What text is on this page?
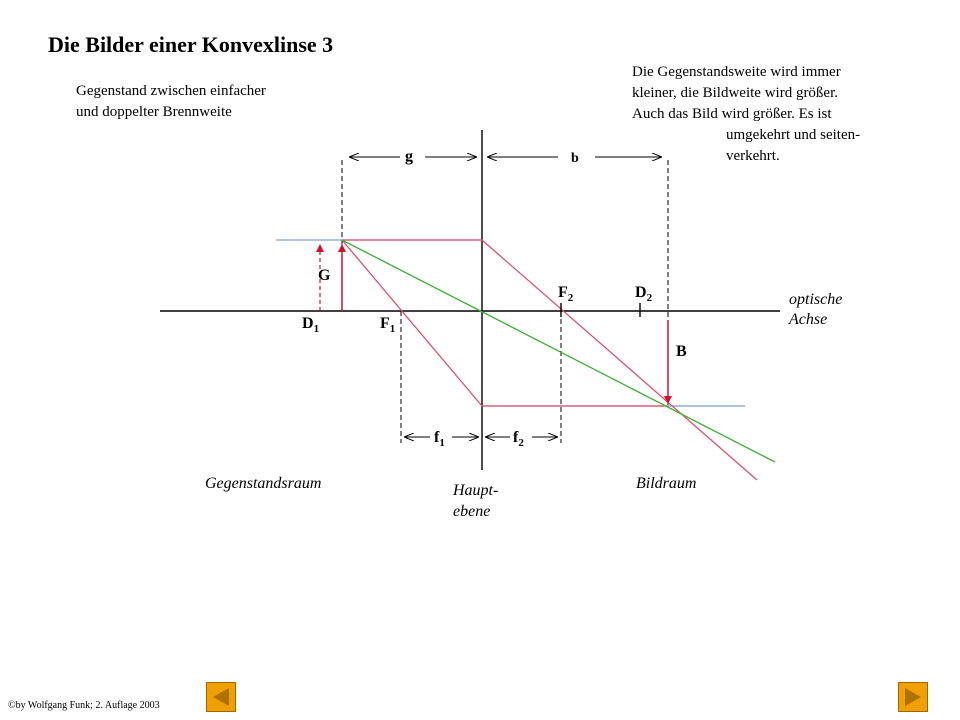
Die Bilder einer Konvexlinse 3
Gegenstand zwischen einfacher
und doppelter Brennweite
Die Gegenstandsweite wird immer
kleiner, die Bildweite wird größer.
Auch das Bild wird größer. Es ist
umgekehrt und seiten-
verkehrt.
g	b
G
B
$D_1$	$F_1$
$F_2$	$D_2$
$f_1$	$f_2$
optische
Achse
Gegenstandsraum	Bildraum
Haupt-
ebene
©by Wolfgang Funk; 2. Auflage 2003
